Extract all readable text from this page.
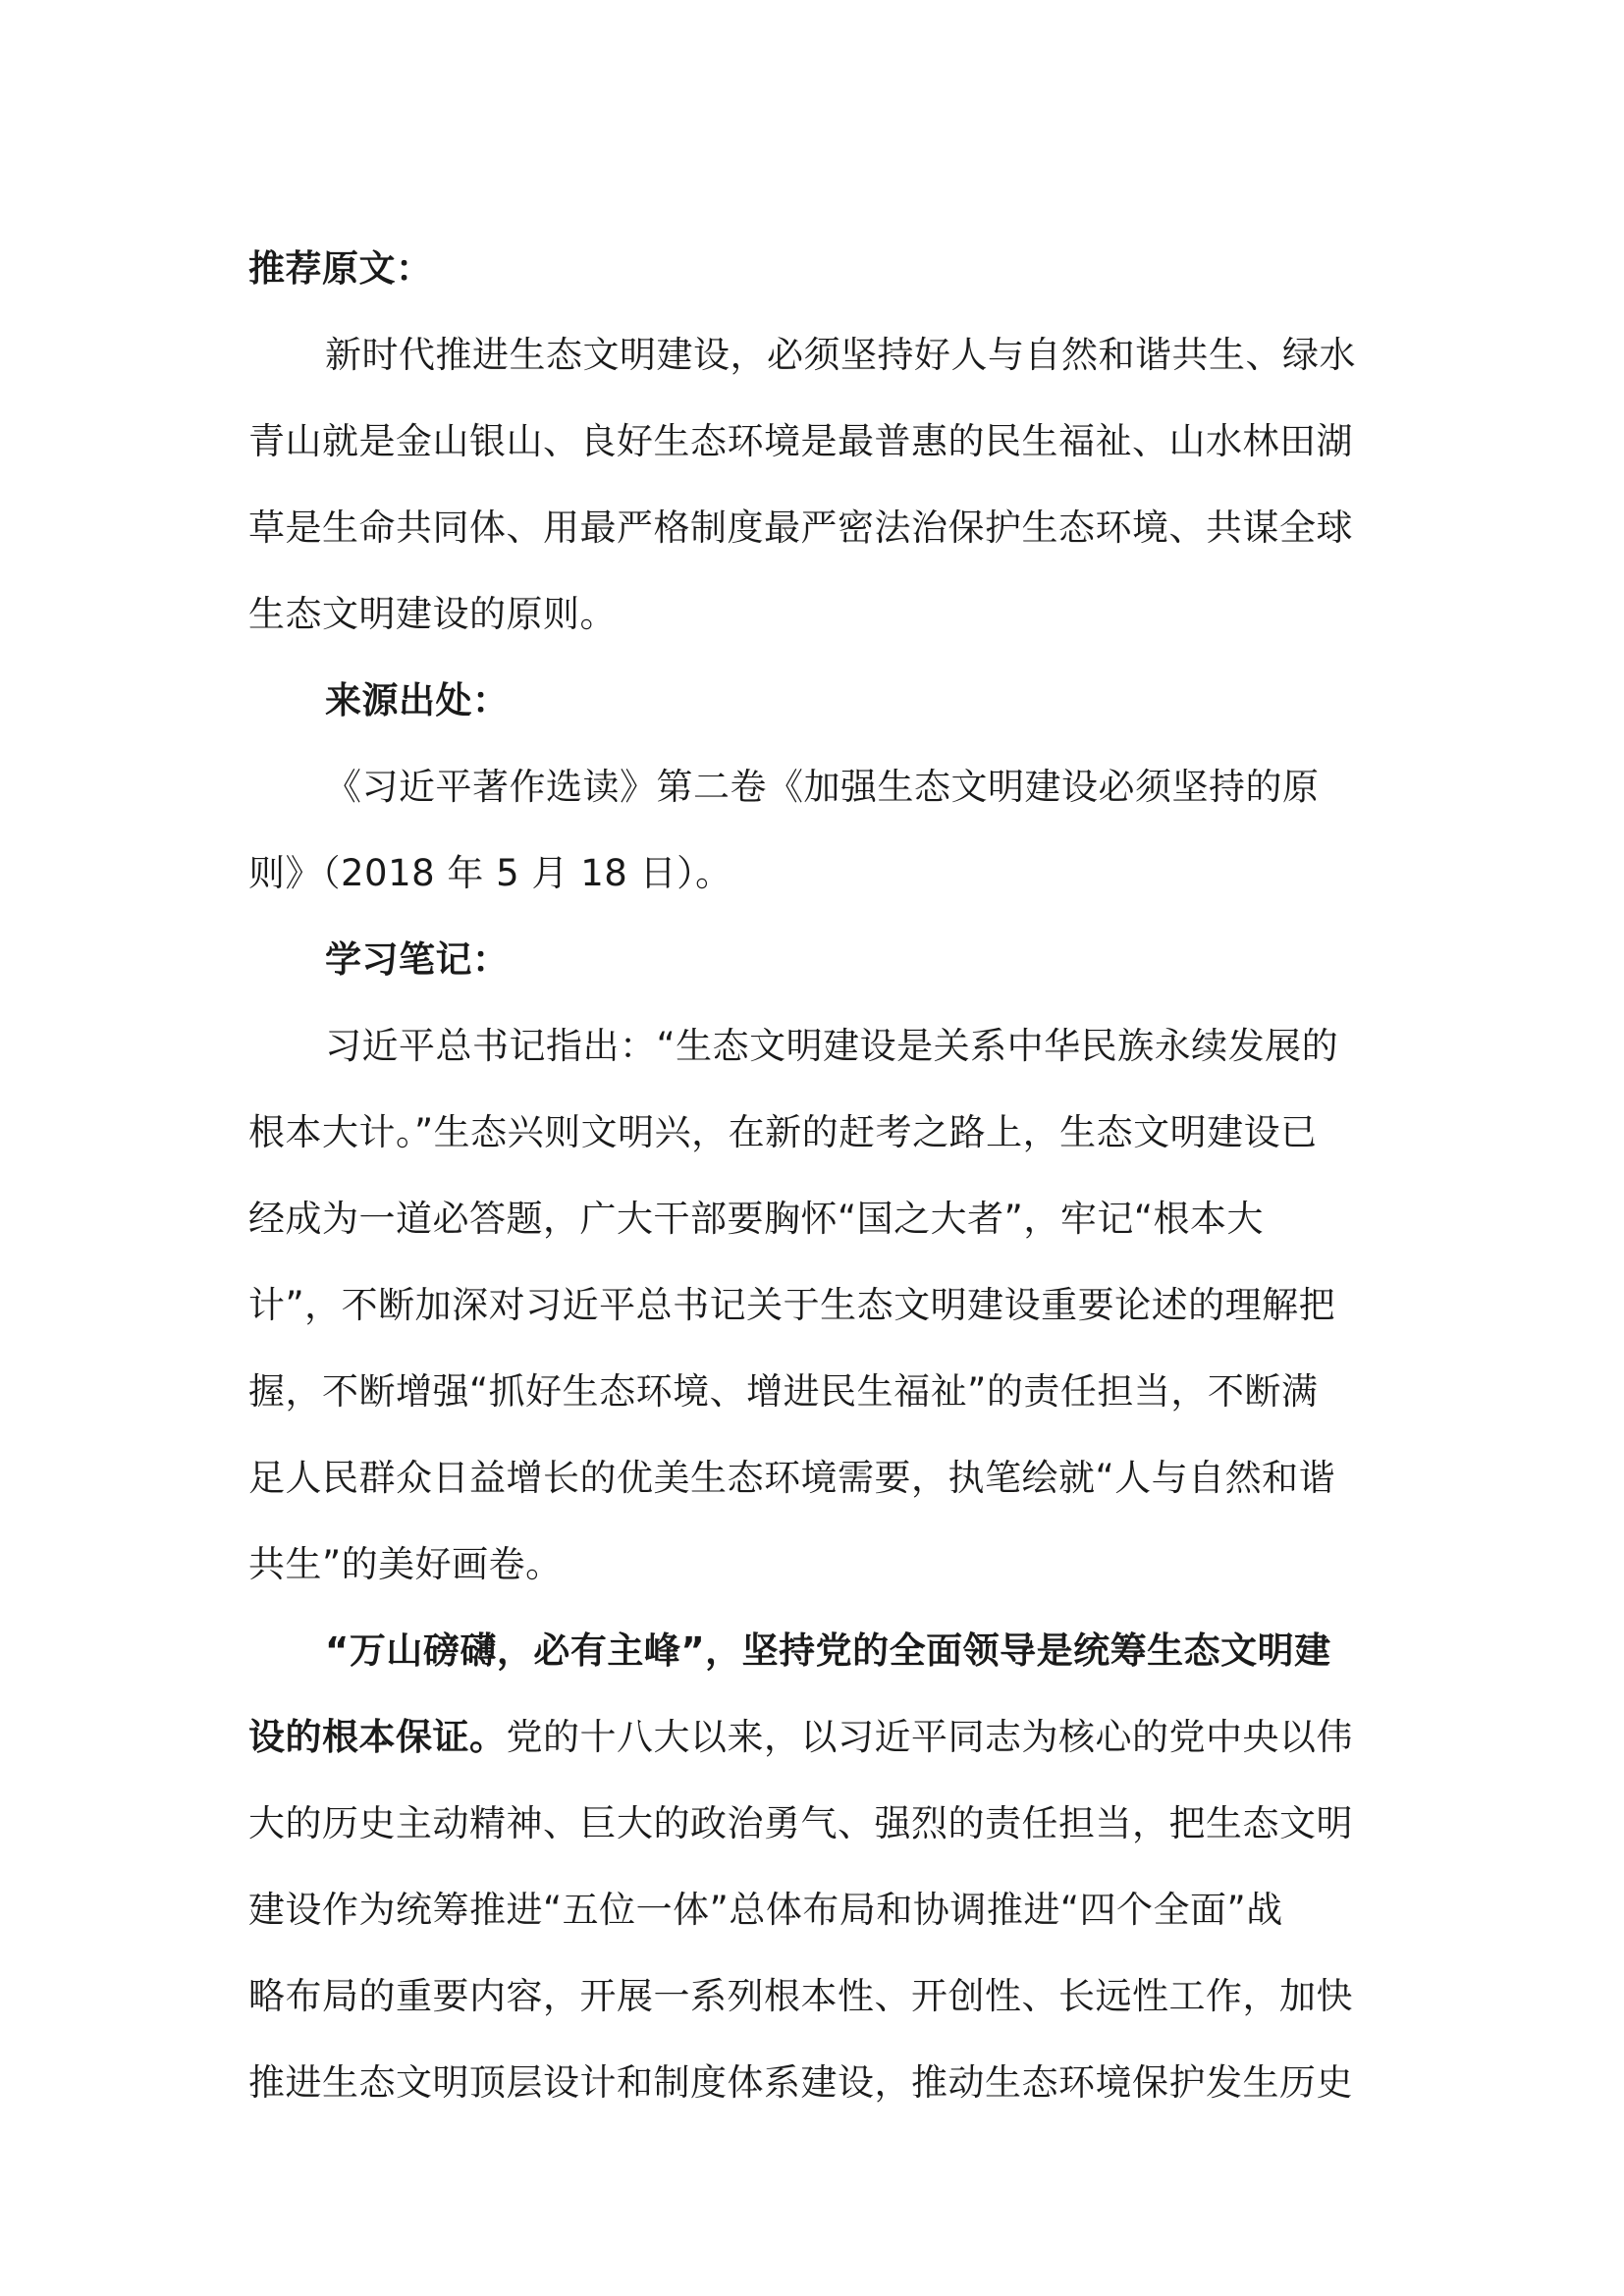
推荐原文：
新时代推进生态文明建设，必须坚持好人与自然和谐共生、绿水
青山就是金山银山、良好生态环境是最普惠的民生福祉、山水林田湖
草是生命共同体、用最严格制度最严密法治保护生态环境、共谋全球
生态文明建设的原则。
来源出处：
《习近平著作选读》第二卷《加强生态文明建设必须坚持的原
则》（2018 年 5 月 18 日）。
学习笔记：
习近平总书记指出：“生态文明建设是关系中华民族永续发展的
根本大计。”生态兴则文明兴，在新的赶考之路上，生态文明建设已
经成为一道必答题，广大干部要胸怀“国之大者”，牢记“根本大
计”，不断加深对习近平总书记关于生态文明建设重要论述的理解把
握，不断增强“抓好生态环境、增进民生福祉”的责任担当，不断满
足人民群众日益增长的优美生态环境需要，执笔绘就“人与自然和谐
共生”的美好画卷。
“万山磅礴，必有主峰”，坚持党的全面领导是统筹生态文明建
设的根本保证。党的十八大以来，以习近平同志为核心的党中央以伟
大的历史主动精神、巨大的政治勇气、强烈的责任担当，把生态文明
建设作为统筹推进“五位一体”总体布局和协调推进“四个全面”战
略布局的重要内容，开展一系列根本性、开创性、长远性工作，加快
推进生态文明顶层设计和制度体系建设，推动生态环境保护发生历史
